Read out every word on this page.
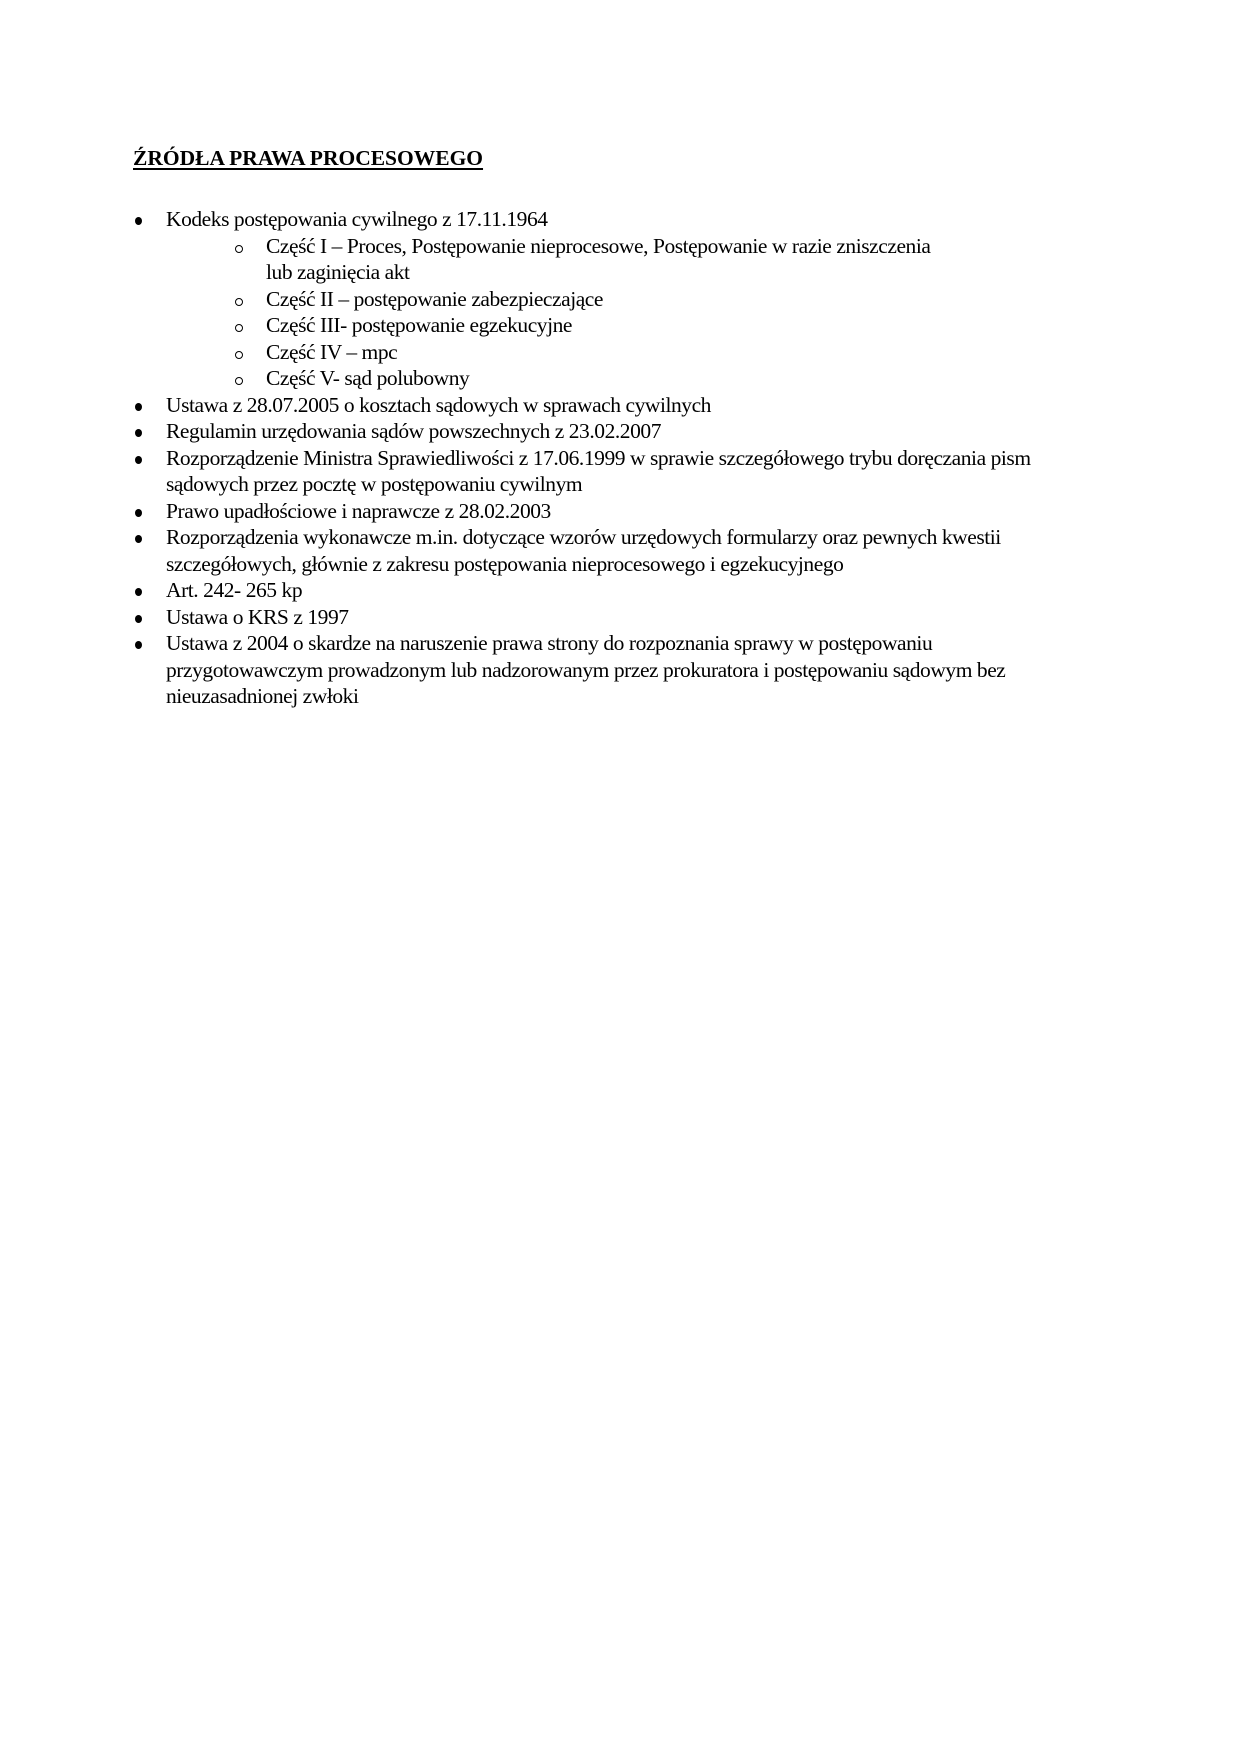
ŹRÓDŁA PRAWA PROCESOWEGO
Kodeks postępowania cywilnego z 17.11.1964
Część I – Proces, Postępowanie nieprocesowe, Postępowanie w razie zniszczenia lub zaginięcia akt
Część II – postępowanie zabezpieczające
Część III- postępowanie egzekucyjne
Część IV – mpc
Część V- sąd polubowny
Ustawa z 28.07.2005 o kosztach sądowych w sprawach cywilnych
Regulamin urzędowania sądów powszechnych z 23.02.2007
Rozporządzenie Ministra Sprawiedliwości z 17.06.1999 w sprawie szczegółowego trybu doręczania pism sądowych przez pocztę w postępowaniu cywilnym
Prawo upadłościowe i naprawcze z 28.02.2003
Rozporządzenia wykonawcze m.in. dotyczące wzorów urzędowych formularzy oraz pewnych kwestii szczegółowych, głównie z zakresu postępowania nieprocesowego i egzekucyjnego
Art. 242- 265 kp
Ustawa o KRS z 1997
Ustawa z 2004 o skardze na naruszenie prawa strony do rozpoznania sprawy w postępowaniu przygotowawczym prowadzonym lub nadzorowanym przez prokuratora i postępowaniu sądowym bez nieuzasadnionej zwłoki
